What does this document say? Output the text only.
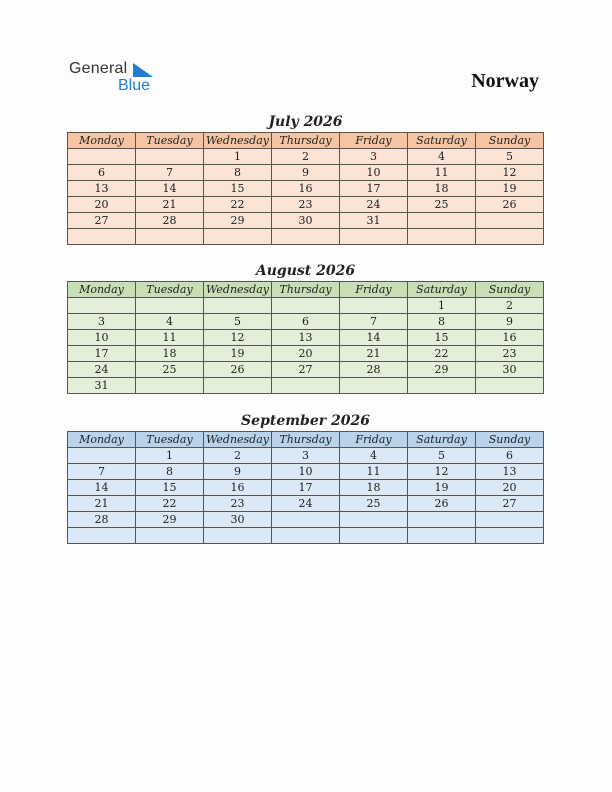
General
Blue	Norway
July 2026
Monday	Tuesday	Wednesday	Thursday	Friday	Saturday	Sunday
		1	2	3	4	5
6	7	8	9	10	11	12
13	14	15	16	17	18	19
20	21	22	23	24	25	26
27	28	29	30	31		

August 2026
Monday	Tuesday	Wednesday	Thursday	Friday	Saturday	Sunday
					1	2
3	4	5	6	7	8	9
10	11	12	13	14	15	16
17	18	19	20	21	22	23
24	25	26	27	28	29	30
31						
September 2026
Monday	Tuesday	Wednesday	Thursday	Friday	Saturday	Sunday
	1	2	3	4	5	6
7	8	9	10	11	12	13
14	15	16	17	18	19	20
21	22	23	24	25	26	27
28	29	30				
